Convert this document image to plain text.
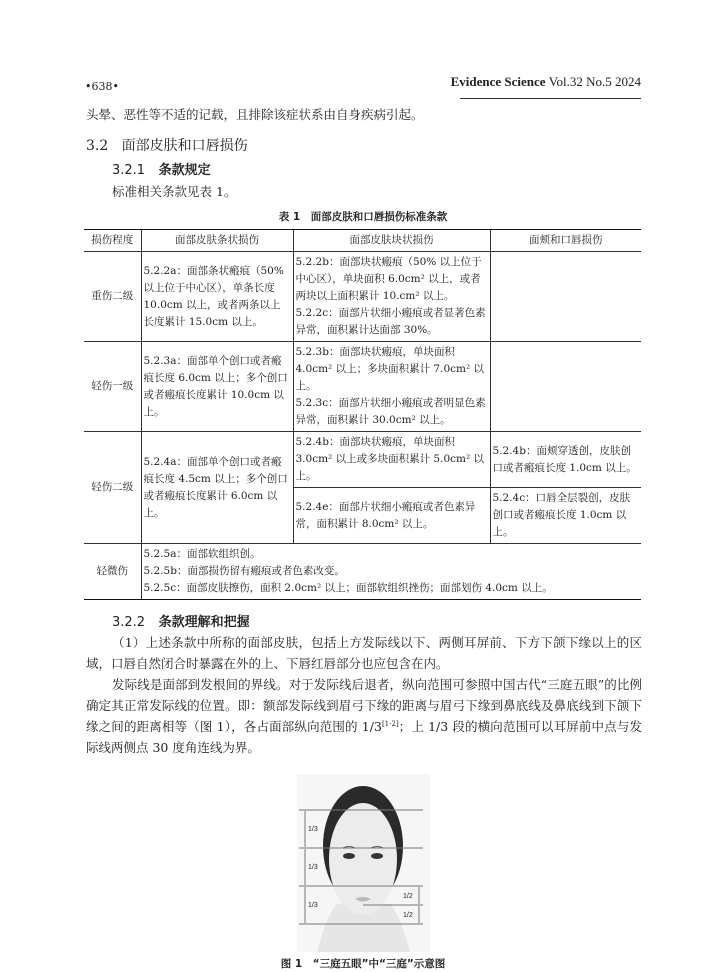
•638•	Evidence Science Vol.32 No.5 2024
头晕、恶性等不适的记载，且排除该症状系由自身疾病引起。
3.2 面部皮肤和口唇损伤
3.2.1 条款规定
标准相关条款见表 1。
表 1　面部皮肤和口唇损伤标准条款
损伤程度	面部皮肤条状损伤	面部皮肤块状损伤	面颊和口唇损伤
重伤二级	5.2.2a：面部条状瘢痕（50%以上位于中心区），单条长度 10.0cm 以上，或者两条以上长度累计 15.0cm 以上。	5.2.2b：面部块状瘢痕（50% 以上位于中心区），单块面积 6.0cm² 以上，或者两块以上面积累计 10.cm² 以上。5.2.2c：面部片状细小瘢痕或者显著色素异常，面积累计达面部 30%。	
轻伤一级	5.2.3a：面部单个创口或者瘢痕长度 6.0cm 以上；多个创口或者瘢痕长度累计 10.0cm 以上。	5.2.3b：面部块状瘢痕，单块面积 4.0cm² 以上；多块面积累计 7.0cm² 以上。
5.2.3c：面部片状细小瘢痕或者明显色素异常，面积累计 30.0cm² 以上。	

轻伤二级	5.2.4a：面部单个创口或者瘢痕长度 4.5cm 以上；多个创口或者瘢痕长度累计 6.0cm 以上。	5.2.4b：面部块状瘢痕，单块面积 3.0cm² 以上或多块面积累计 5.0cm² 以上。	5.2.4b：面颊穿透创，皮肤创口或者瘢痕长度 1.0cm 以上。
		5.2.4e：面部片状细小瘢痕或者色素异常，面积累计 8.0cm² 以上。	5.2.4c：口唇全层裂创，皮肤创口或者瘢痕长度 1.0cm 以上。
轻微伤	5.2.5a：面部软组织创。
5.2.5b：面部损伤留有瘢痕或者色素改变。
5.2.5c：面部皮肤擦伤，面积 2.0cm² 以上；面部软组织挫伤；面部划伤 4.0cm 以上。		
3.2.2 条款理解和把握
（1）上述条款中所称的面部皮肤，包括上方发际线以下、两侧耳屏前、下方下颌下缘以上的区域，口唇自然闭合时暴露在外的上、下唇红唇部分也应包含在内。
发际线是面部到发根间的界线。对于发际线后退者，纵向范围可参照中国古代“三庭五眼”的比例确定其正常发际线的位置。即：额部发际线到眉弓下缘的距离与眉弓下缘到鼻底线及鼻底线到下颌下缘之间的距离相等（图 1），各占面部纵向范围的 1/3[1-2]；上 1/3 段的横向范围可以耳屏前中点与发际线两侧点 30 度角连线为界。
1/3
1/3
1/3
1/2
1/2
图 1　“三庭五眼”中“三庭”示意图
